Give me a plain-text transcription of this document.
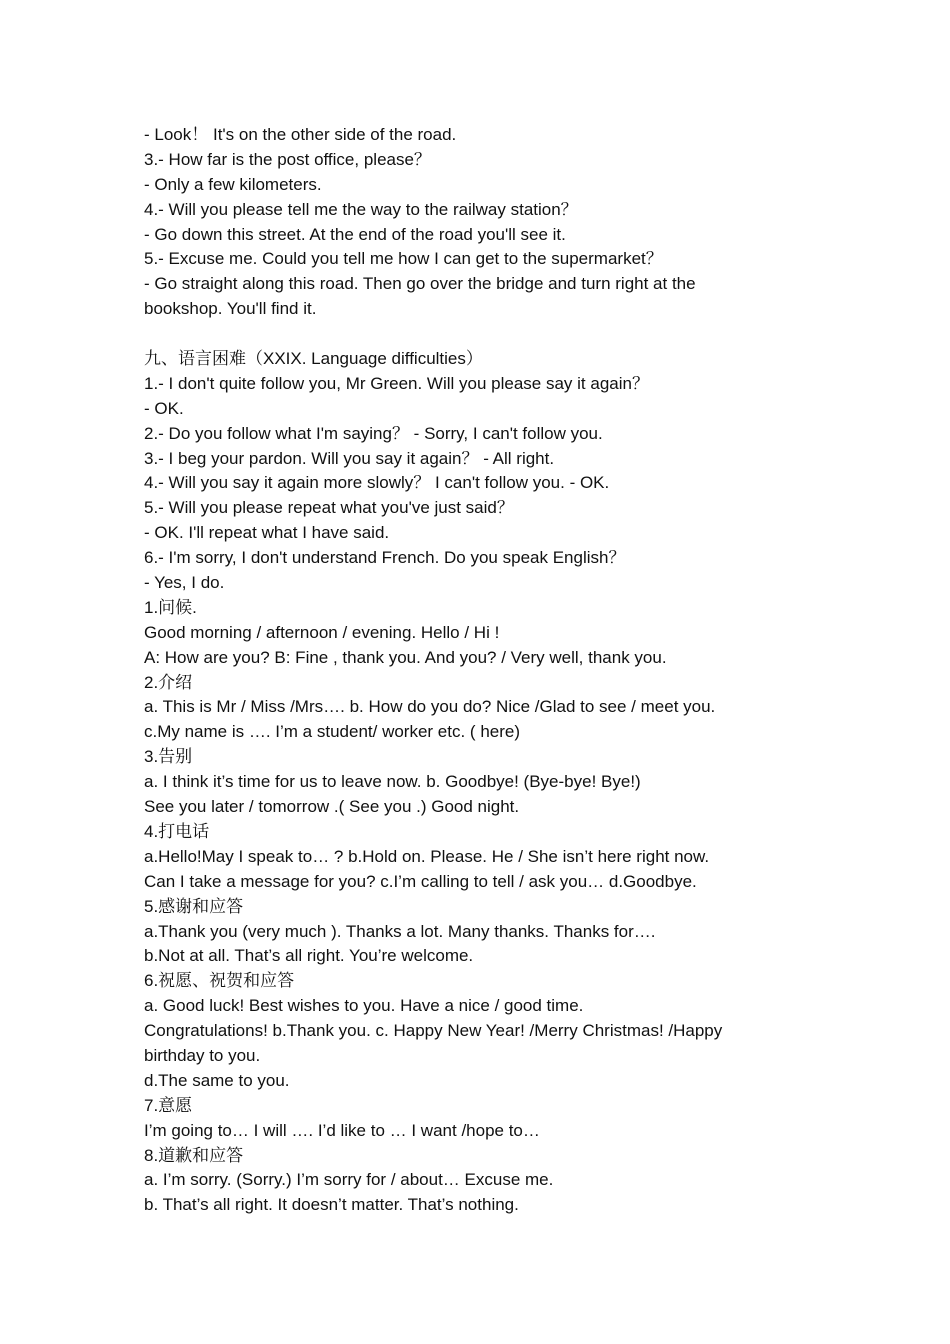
- Look！ It's on the other side of the road.
3.- How far is the post office, please？
- Only a few kilometers.
4.- Will you please tell me the way to the railway station？
- Go down this street. At the end of the road you'll see it.
5.- Excuse me. Could you tell me how I can get to the supermarket？
- Go straight along this road. Then go over the bridge and turn right at the
bookshop. You'll find it.
九、语言困难（XXIX. Language difficulties）
1.- I don't quite follow you, Mr Green. Will you please say it again？
- OK.
2.- Do you follow what I'm saying？ - Sorry, I can't follow you.
3.- I beg your pardon. Will you say it again？ - All right.
4.- Will you say it again more slowly？ I can't follow you. - OK.
5.- Will you please repeat what you've just said？
- OK. I'll repeat what I have said.
6.- I'm sorry, I don't understand French. Do you speak English？
- Yes, I do.
1.问候.
Good morning / afternoon / evening. Hello / Hi !
A: How are you? B: Fine , thank you. And you? / Very well, thank you.
2.介绍
a. This is Mr / Miss /Mrs…. b. How do you do? Nice /Glad to see / meet you.
c.My name is …. I’m a student/ worker etc. ( here)
3.告别
a. I think it’s time for us to leave now. b. Goodbye! (Bye-bye! Bye!)
See you later / tomorrow .( See you .) Good night.
4.打电话
a.Hello!May I speak to… ? b.Hold on. Please. He / She isn’t here right now.
Can I take a message for you? c.I’m calling to tell / ask you… d.Goodbye.
5.感谢和应答
a.Thank you (very much ). Thanks a lot. Many thanks. Thanks for….
b.Not at all. That’s all right. You’re welcome.
6.祝愿、祝贺和应答
a. Good luck! Best wishes to you. Have a nice / good time.
Congratulations! b.Thank you. c. Happy New Year! /Merry Christmas! /Happy
birthday to you.
d.The same to you.
7.意愿
I’m going to… I will …. I’d like to … I want /hope to…
8.道歉和应答
a. I’m sorry. (Sorry.) I’m sorry for / about… Excuse me.
b. That’s all right. It doesn’t matter. That’s nothing.
